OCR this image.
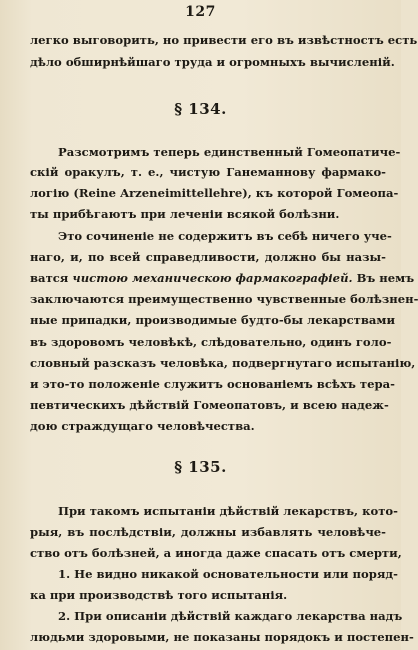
127
легко выговорить, но привести его въ извѣстностъ есть
дѣло обширнѣйшаго труда и огромныхъ вычисленій.
§ 134.
Разсмотримъ теперь единственный Гомеопатиче-
скій оракулъ, т. е., чистую Ганеманнову фармако-
логію (Reine Arzeneimittellehre), къ которой Гомеопа-
ты прибѣгаютъ при леченіи всякой болѣзни.
Это сочиненіе не содержитъ въ себѣ ничего уче-
наго, и, по всей справедливости, должно бы назы-
ватся чистою механическою фармакографіей. Въ немъ
заключаются преимущественно чувственные болѣзнен-
ные припадки, производимые будто-бы лекарствами
въ здоровомъ человѣкѣ, слѣдовательно, одинъ голо-
словный разсказъ человѣка, подвергнутаго испытанію,
и это-то положеніе служитъ основаніемъ всѣхъ тера-
певтическихъ дѣйствій Гомеопатовъ, и всею надеж-
дою страждущаго человѣчества.
§ 135.
При такомъ испытаніи дѣйствій лекарствъ, кото-
рыя, въ послѣдствіи, должны избавлять человѣче-
ство отъ болѣзней, а иногда даже спасать отъ смерти,
1. Не видно никакой основательности или поряд-
ка при производствѣ того испытанія.
2. При описаніи дѣйствій каждаго лекарства надъ
людьми здоровыми, не показаны порядокъ и постепен-
